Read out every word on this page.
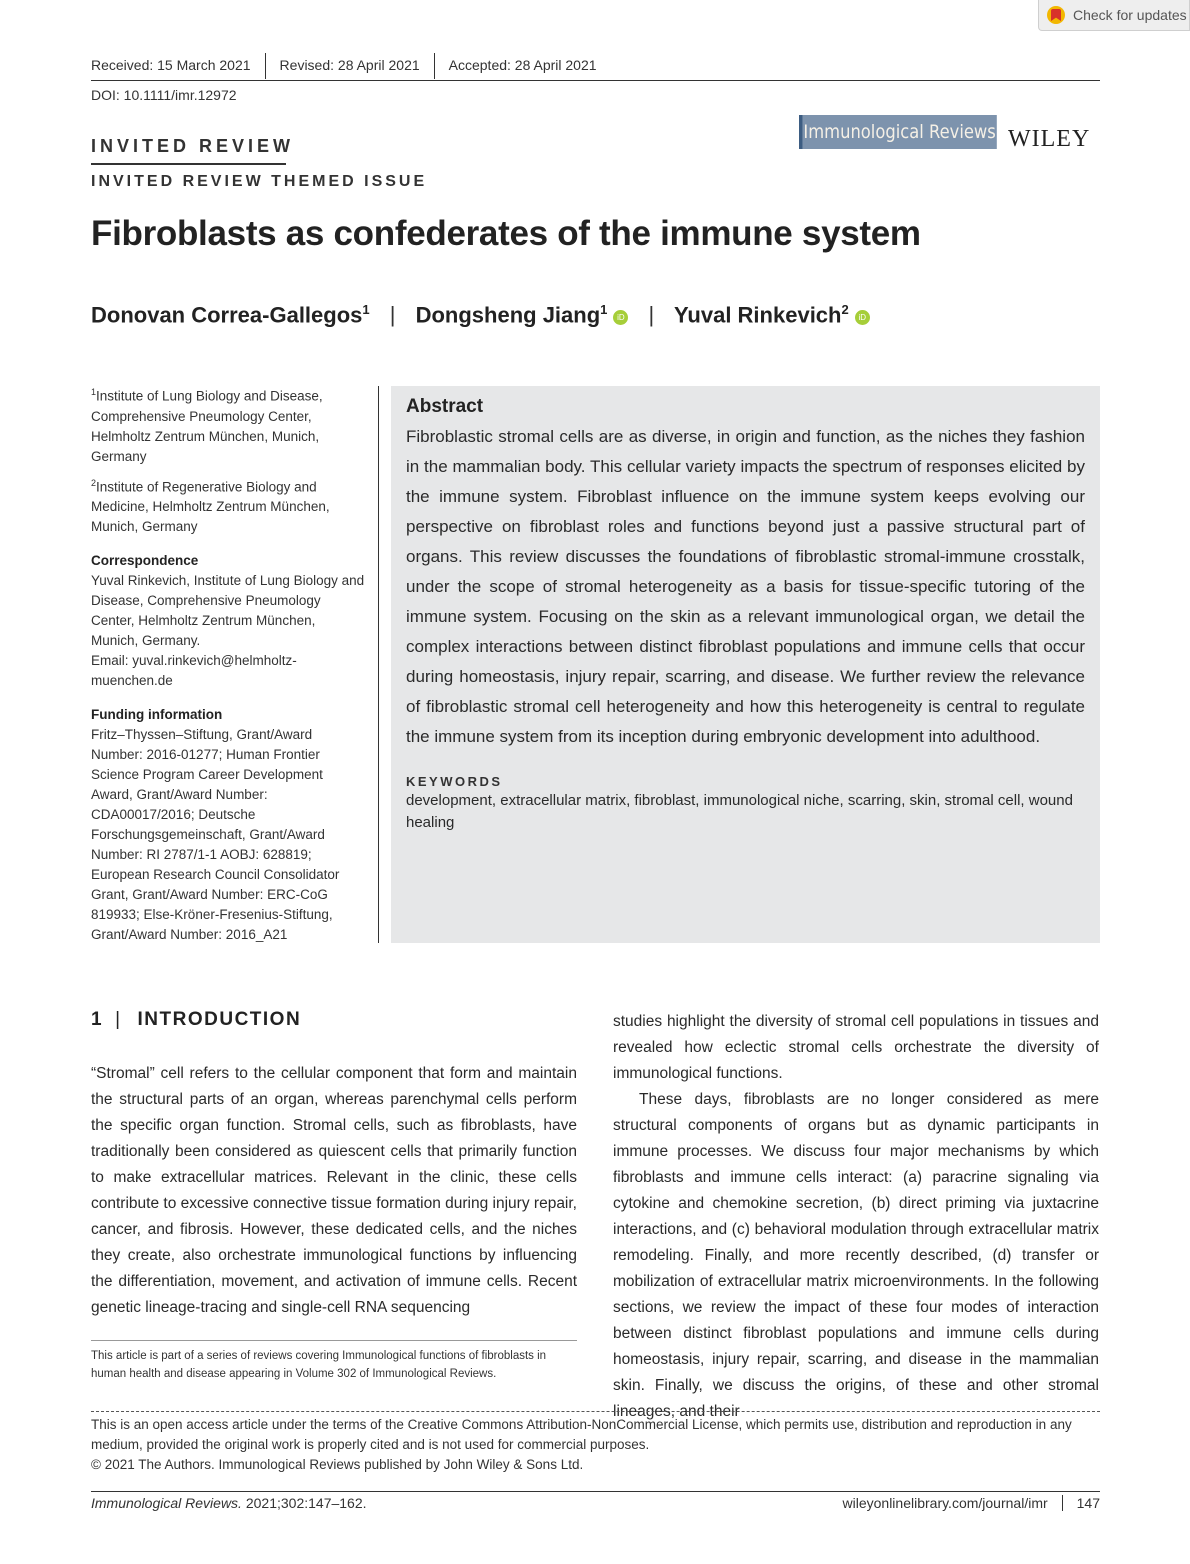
Check for updates
Received: 15 March 2021	Revised: 28 April 2021	Accepted: 28 April 2021
DOI: 10.1111/imr.12972
INVITED REVIEW
INVITED REVIEW THEMED ISSUE
Immunological Reviews WILEY
Fibroblasts as confederates of the immune system
Donovan Correa-Gallegos$^1$ | Dongsheng Jiang$^1$iD | Yuval Rinkevich$^2$iD

$^1$Institute of Lung Biology and Disease, Comprehensive Pneumology Center, Helmholtz Zentrum München, Munich, Germany

$^2$Institute of Regenerative Biology and Medicine, Helmholtz Zentrum München, Munich, Germany

Correspondence
Yuval Rinkevich, Institute of Lung Biology and Disease, Comprehensive Pneumology Center, Helmholtz Zentrum München, Munich, Germany.
Email: yuval.rinkevich@helmholtz-muenchen.de
Funding information
Fritz–Thyssen–Stiftung, Grant/Award Number: 2016-01277; Human Frontier Science Program Career Development Award, Grant/Award Number: CDA00017/2016; Deutsche Forschungsgemeinschaft, Grant/Award Number: RI 2787/1-1 AOBJ: 628819; European Research Council Consolidator Grant, Grant/Award Number: ERC-CoG 819933; Else-Kröner-Fresenius-Stiftung, Grant/Award Number: 2016_A21
Abstract
Fibroblastic stromal cells are as diverse, in origin and function, as the niches they fashion in the mammalian body. This cellular variety impacts the spectrum of responses elicited by the immune system. Fibroblast influence on the immune system keeps evolving our perspective on fibroblast roles and functions beyond just a passive structural part of organs. This review discusses the foundations of fibroblastic stromal-immune crosstalk, under the scope of stromal heterogeneity as a basis for tissue-specific tutoring of the immune system. Focusing on the skin as a relevant immunological organ, we detail the complex interactions between distinct fibroblast populations and immune cells that occur during homeostasis, injury repair, scarring, and disease. We further review the relevance of fibroblastic stromal cell heterogeneity and how this heterogeneity is central to regulate the immune system from its inception during embryonic development into adulthood.
KEYWORDS
development, extracellular matrix, fibroblast, immunological niche, scarring, skin, stromal cell, wound healing
1 | INTRODUCTION

“Stromal” cell refers to the cellular component that form and maintain the structural parts of an organ, whereas parenchymal cells perform the specific organ function. Stromal cells, such as fibroblasts, have traditionally been considered as quiescent cells that primarily function to make extracellular matrices. Relevant in the clinic, these cells contribute to excessive connective tissue formation during injury repair, cancer, and fibrosis. However, these dedicated cells, and the niches they create, also orchestrate immunological functions by influencing the differentiation, movement, and activation of immune cells. Recent genetic lineage-tracing and single-cell RNA sequencing

studies highlight the diversity of stromal cell populations in tissues and revealed how eclectic stromal cells orchestrate the diversity of immunological functions.

These days, fibroblasts are no longer considered as mere structural components of organs but as dynamic participants in immune processes. We discuss four major mechanisms by which fibroblasts and immune cells interact: (a) paracrine signaling via cytokine and chemokine secretion, (b) direct priming via juxtacrine interactions, and (c) behavioral modulation through extracellular matrix remodeling. Finally, and more recently described, (d) transfer or mobilization of extracellular matrix microenvironments. In the following sections, we review the impact of these four modes of interaction between distinct fibroblast populations and immune cells during homeostasis, injury repair, scarring, and disease in the mammalian skin. Finally, we discuss the origins, of these and other stromal lineages, and their

This article is part of a series of reviews covering Immunological functions of fibroblasts in human health and disease appearing in Volume 302 of Immunological Reviews.
This is an open access article under the terms of the Creative Commons Attribution-NonCommercial License, which permits use, distribution and reproduction in any medium, provided the original work is properly cited and is not used for commercial purposes.
© 2021 The Authors. Immunological Reviews published by John Wiley & Sons Ltd.
Immunological Reviews. 2021;302:147–162.	wileyonlinelibrary.com/journal/imr	147
